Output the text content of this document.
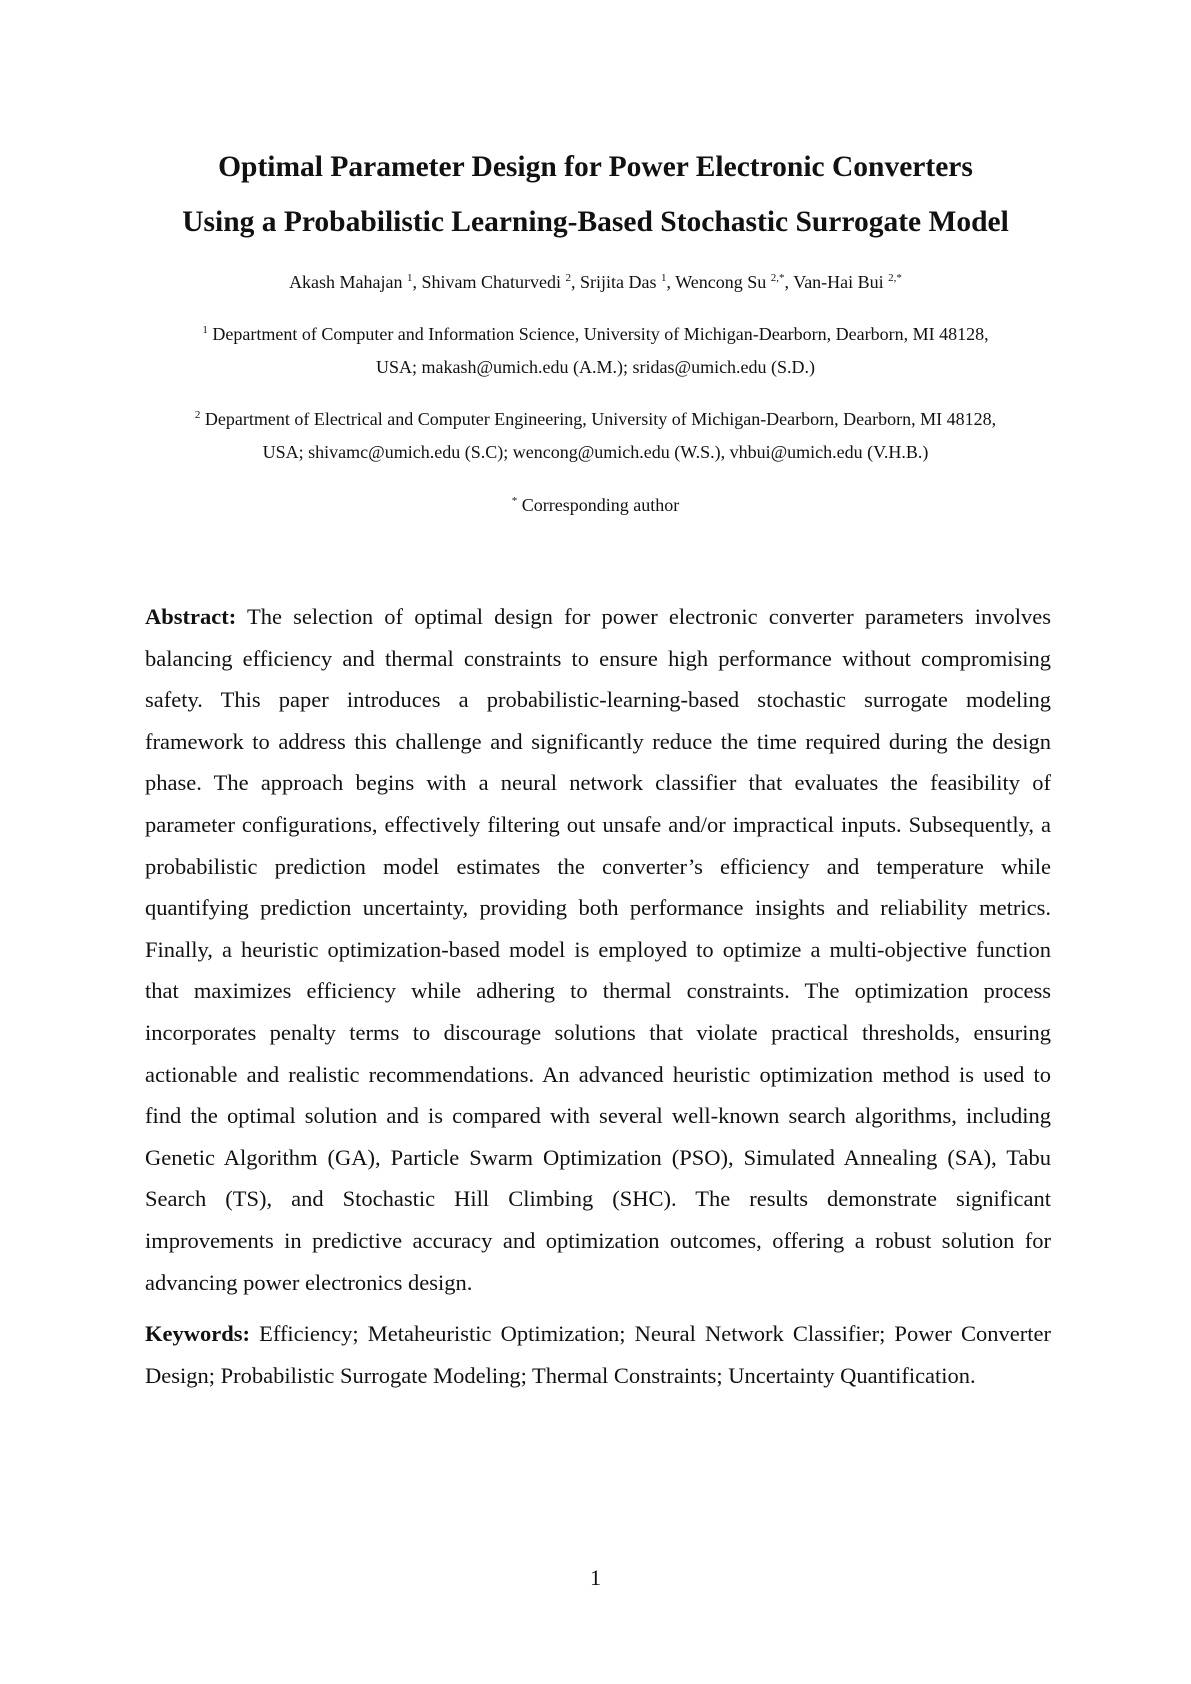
Optimal Parameter Design for Power Electronic Converters
Using a Probabilistic Learning-Based Stochastic Surrogate Model
Akash Mahajan $^1$, Shivam Chaturvedi $^2$, Srijita Das $^1$, Wencong Su $^{2,*}$, Van-Hai Bui $^{2,*}$
$^1$ Department of Computer and Information Science, University of Michigan-Dearborn, Dearborn, MI 48128,
USA; makash@umich.edu (A.M.); sridas@umich.edu (S.D.)
$^2$ Department of Electrical and Computer Engineering, University of Michigan-Dearborn, Dearborn, MI 48128,
USA; shivamc@umich.edu (S.C); wencong@umich.edu (W.S.), vhbui@umich.edu (V.H.B.)
* Corresponding author

Abstract: The selection of optimal design for power electronic converter parameters involves balancing efficiency and thermal constraints to ensure high performance without compromising safety. This paper introduces a probabilistic-learning-based stochastic surrogate modeling framework to address this challenge and significantly reduce the time required during the design phase. The approach begins with a neural network classifier that evaluates the feasibility of parameter configurations, effectively filtering out unsafe and/or impractical inputs. Subsequently, a probabilistic prediction model estimates the converter’s efficiency and temperature while quantifying prediction uncertainty, providing both performance insights and reliability metrics. Finally, a heuristic optimization-based model is employed to optimize a multi-objective function that maximizes efficiency while adhering to thermal constraints. The optimization process incorporates penalty terms to discourage solutions that violate practical thresholds, ensuring actionable and realistic recommendations. An advanced heuristic optimization method is used to find the optimal solution and is compared with several well-known search algorithms, including Genetic Algorithm (GA), Particle Swarm Optimization (PSO), Simulated Annealing (SA), Tabu Search (TS), and Stochastic Hill Climbing (SHC). The results demonstrate significant improvements in predictive accuracy and optimization outcomes, offering a robust solution for advancing power electronics design.

Keywords: Efficiency; Metaheuristic Optimization; Neural Network Classifier; Power Converter Design; Probabilistic Surrogate Modeling; Thermal Constraints; Uncertainty Quantification.

1
